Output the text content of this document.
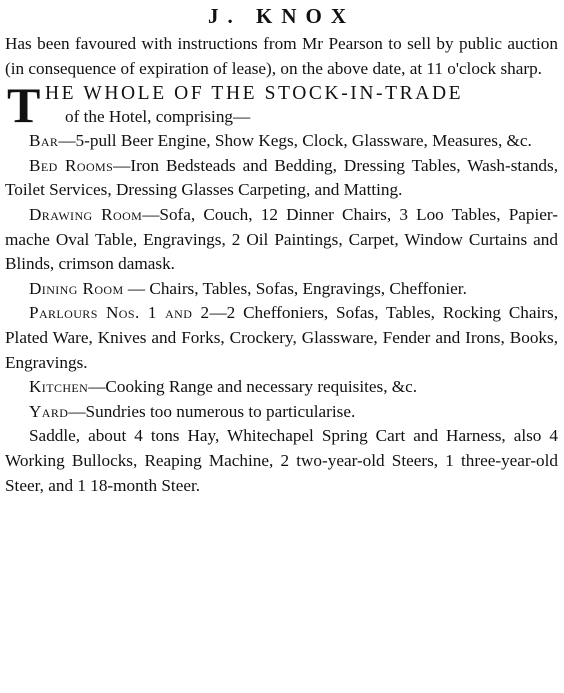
J. KNOX

Has been favoured with instructions from Mr Pearson to sell by public auction (in consequence of expiration of lease), on the above date, at 11 o'clock sharp.

T HE WHOLE OF THE STOCK-IN-TRADE
of the Hotel, comprising—

Bar—5-pull Beer Engine, Show Kegs, Clock, Glassware, Measures, &c.

Bed Rooms—Iron Bedsteads and Bedding, Dressing Tables, Wash-stands, Toilet Services, Dressing Glasses Carpeting, and Matting.

Drawing Room—Sofa, Couch, 12 Dinner Chairs, 3 Loo Tables, Papier-mache Oval Table, Engravings, 2 Oil Paintings, Carpet, Window Curtains and Blinds, crimson damask.

Dining Room — Chairs, Tables, Sofas, Engravings, Cheffonier.

Parlours Nos. 1 and 2—2 Cheffoniers, Sofas, Tables, Rocking Chairs, Plated Ware, Knives and Forks, Crockery, Glassware, Fender and Irons, Books, Engravings.

Kitchen—Cooking Range and necessary requisites, &c.

Yard—Sundries too numerous to particularise.

Saddle, about 4 tons Hay, Whitechapel Spring Cart and Harness, also 4 Working Bullocks, Reaping Machine, 2 two-year-old Steers, 1 three-year-old Steer, and 1 18-month Steer.
